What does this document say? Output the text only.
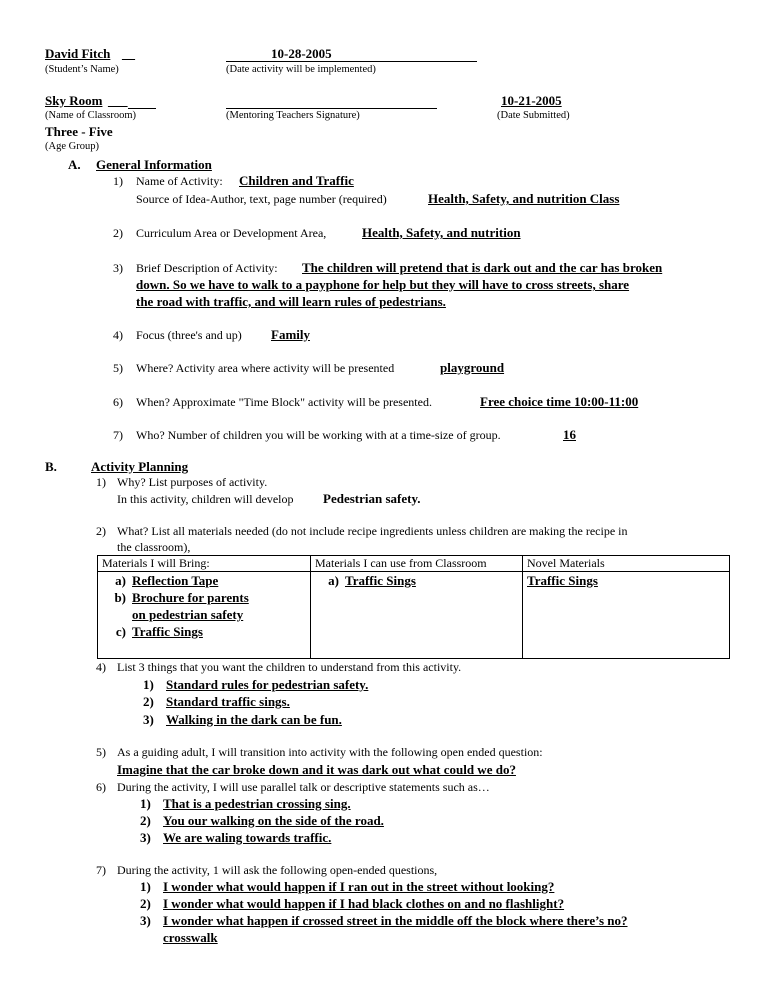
David Fitch __
(Student’s Name)
10-28-2005
(Date activity will be implemented)
Sky Room ___
(Name of Classroom)	(Mentoring Teachers Signature)
10-21-2005
(Date Submitted)
Three - Five
(Age Group)
A. General Information
1) Name of Activity: Children and Traffic
Source of Idea-Author, text, page number (required)	Health, Safety, and nutrition Class
2) Curriculum Area or Development Area,	Health, Safety, and nutrition
3) Brief Description of Activity: The children will pretend that is dark out and the car has broken
down. So we have to walk to a payphone for help but they will have to cross streets, share
the road with traffic, and will learn rules of pedestrians.
4) Focus (three's and up) Family
5) Where? Activity area where activity will be presented	playground
6) When? Approximate "Time Block" activity will be presented.	Free choice time 10:00-11:00
7) Who? Number of children you will be working with at a time-size of group.	16
B.	Activity Planning
1) Why? List purposes of activity.
In this activity, children will develop Pedestrian safety.
2) What? List all materials needed (do not include recipe ingredients unless children are making the recipe in
the classroom),
Materials I will Bring:	Materials I can use from Classroom	Novel Materials

a) Reflection Tape
b) Brochure for parents
on pedestrian safety
c) Traffic Sings	a) Traffic Sings	Traffic Sings
4) List 3 things that you want the children to understand from this activity.
1) Standard rules for pedestrian safety.
2) Standard traffic sings.
3) Walking in the dark can be fun.
5) As a guiding adult, I will transition into activity with the following open ended question:
Imagine that the car broke down and it was dark out what could we do?
6) During the activity, I will use parallel talk or descriptive statements such as…
1) That is a pedestrian crossing sing.
2) You our walking on the side of the road.
3) We are waling towards traffic.
7) During the activity, 1 will ask the following open-ended questions,
1) I wonder what would happen if I ran out in the street without looking?
2) I wonder what would happen if I had black clothes on and no flashlight?
3) I wonder what happen if crossed street in the middle off the block where there’s no?
crosswalk
